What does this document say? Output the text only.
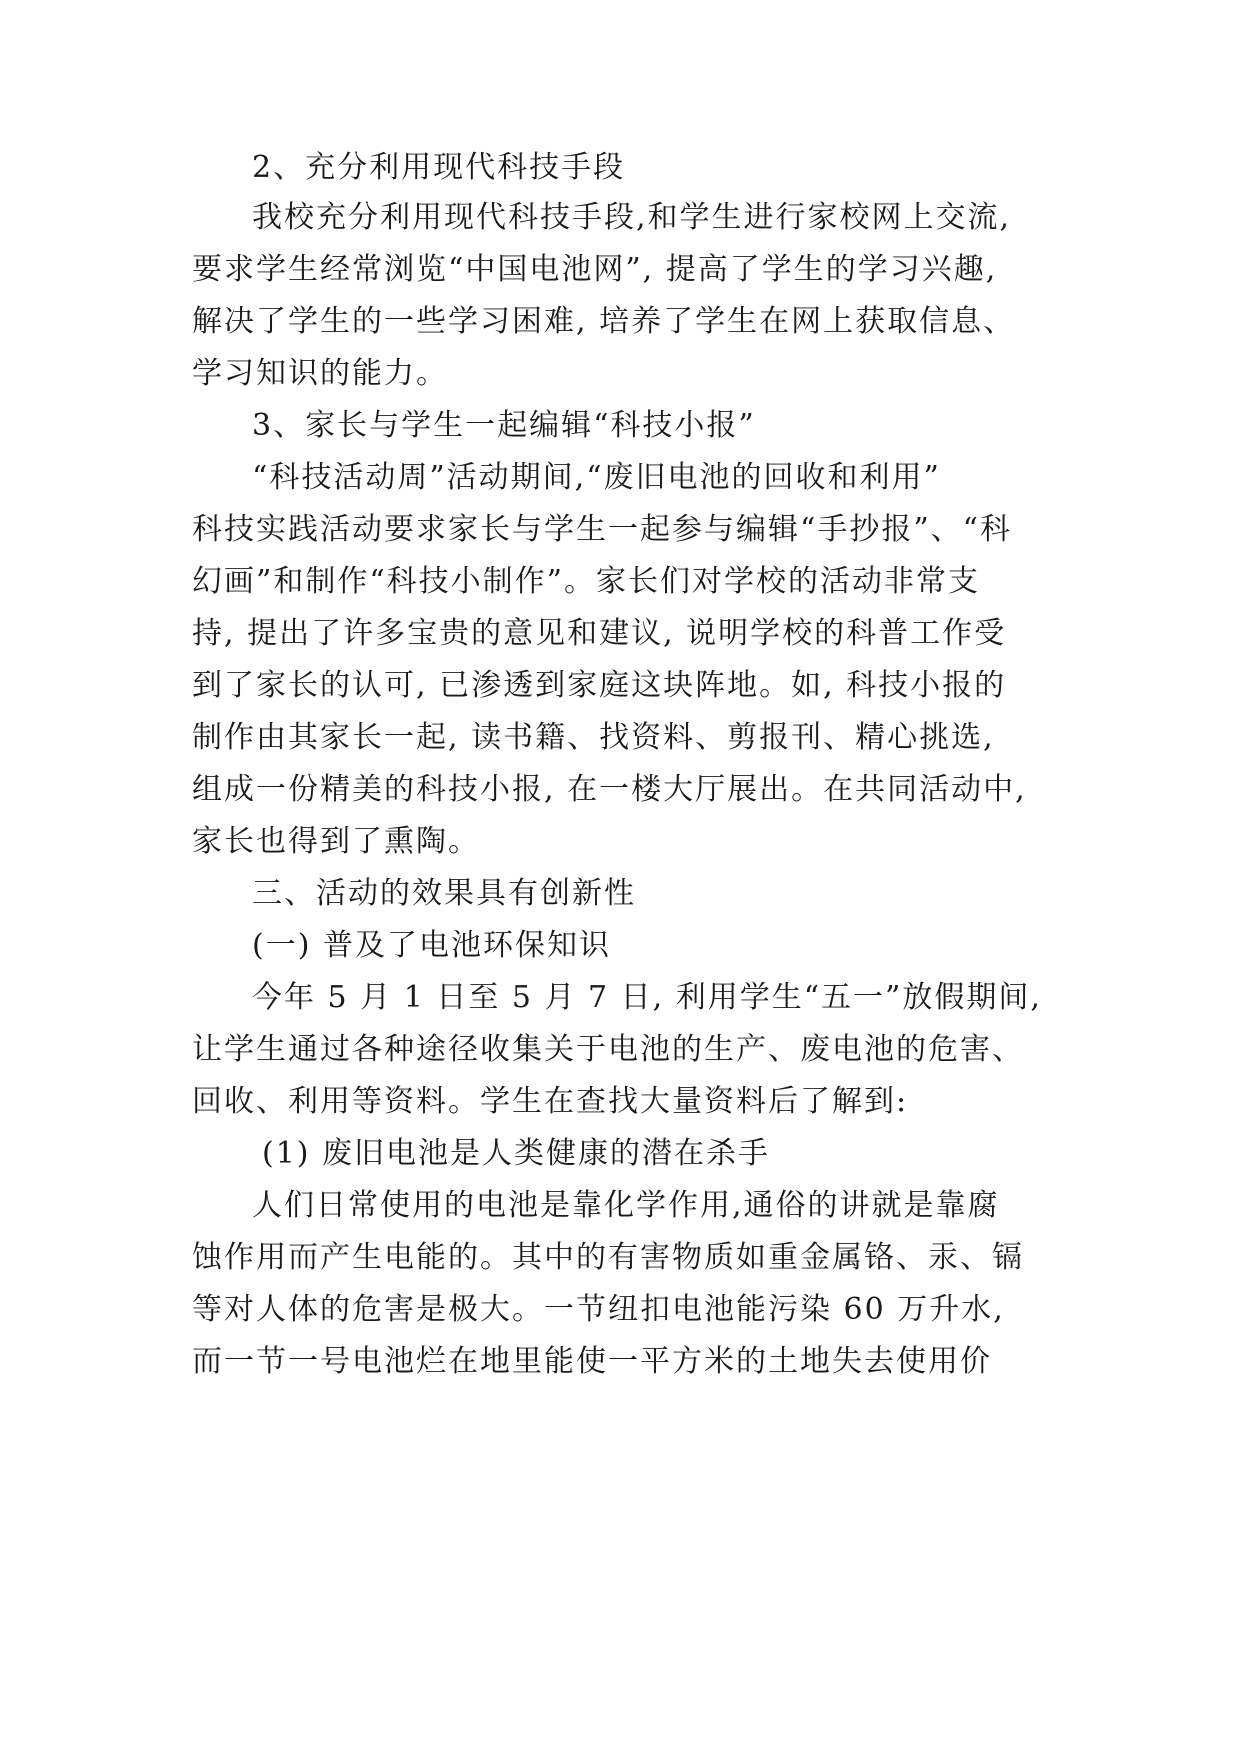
2、充分利用现代科技手段
我校充分利用现代科技手段,和学生进行家校网上交流,
要求学生经常浏览“中国电池网”, 提高了学生的学习兴趣,
解决了学生的一些学习困难, 培养了学生在网上获取信息、
学习知识的能力。
3、家长与学生一起编辑“科技小报”
“科技活动周”活动期间,“废旧电池的回收和利用”
科技实践活动要求家长与学生一起参与编辑“手抄报”、“科
幻画”和制作“科技小制作”。家长们对学校的活动非常支
持, 提出了许多宝贵的意见和建议, 说明学校的科普工作受
到了家长的认可, 已渗透到家庭这块阵地。如, 科技小报的
制作由其家长一起, 读书籍、找资料、剪报刊、精心挑选,
组成一份精美的科技小报, 在一楼大厅展出。在共同活动中,
家长也得到了熏陶。
三、活动的效果具有创新性
(一) 普及了电池环保知识
今年 5 月 1 日至 5 月 7 日, 利用学生“五一”放假期间,
让学生通过各种途径收集关于电池的生产、废电池的危害、
回收、利用等资料。学生在查找大量资料后了解到:
(1) 废旧电池是人类健康的潜在杀手
人们日常使用的电池是靠化学作用,通俗的讲就是靠腐
蚀作用而产生电能的。其中的有害物质如重金属铬、汞、镉
等对人体的危害是极大。一节纽扣电池能污染 60 万升水,
而一节一号电池烂在地里能使一平方米的土地失去使用价
